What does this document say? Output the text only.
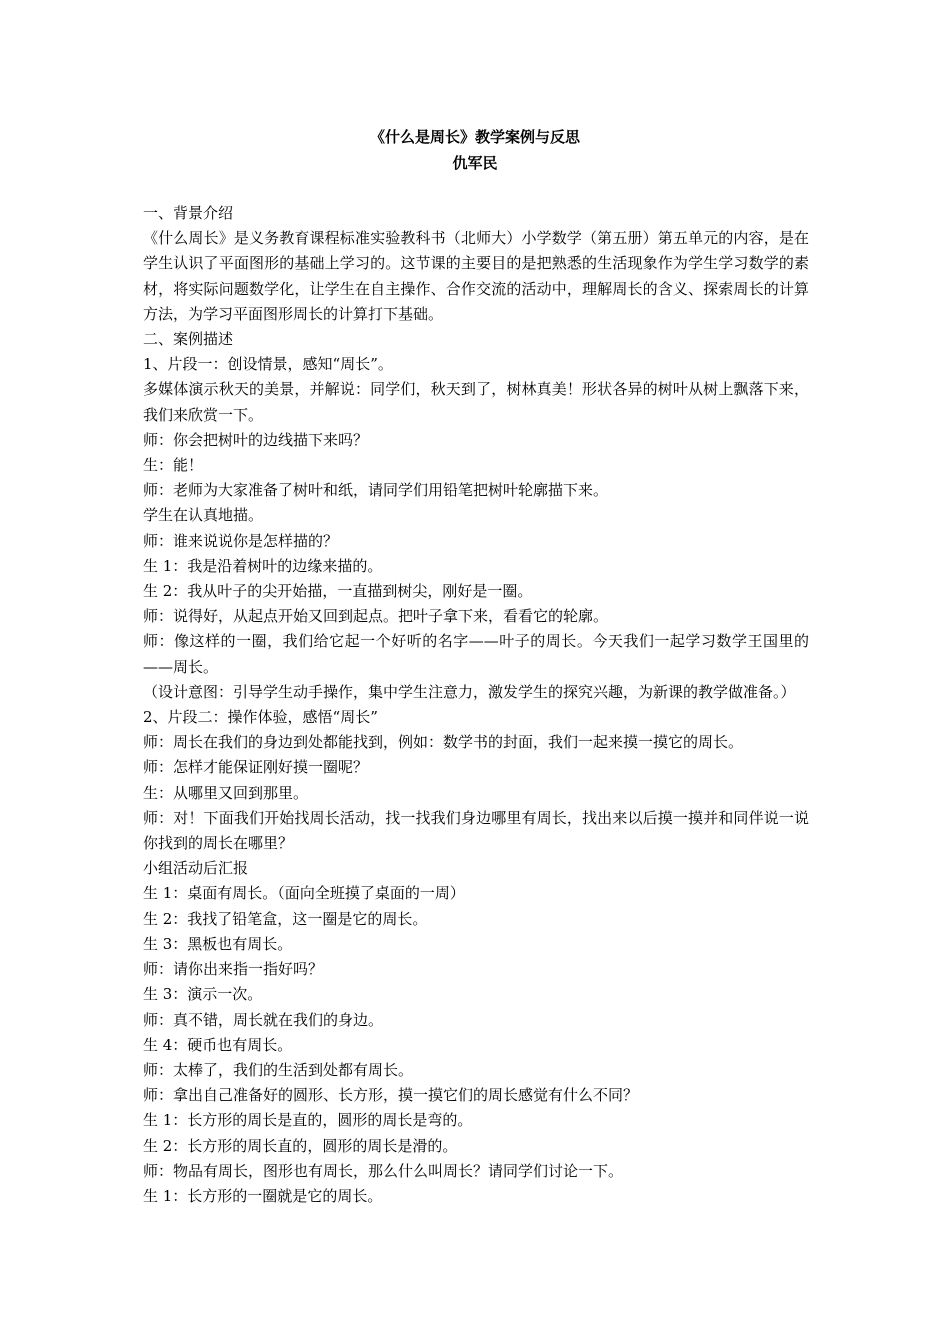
《什么是周长》教学案例与反思
仇军民

一、背景介绍

《什么周长》是义务教育课程标准实验教科书（北师大）小学数学（第五册）第五单元的内容，是在学生认识了平面图形的基础上学习的。这节课的主要目的是把熟悉的生活现象作为学生学习数学的素材，将实际问题数学化，让学生在自主操作、合作交流的活动中，理解周长的含义、探索周长的计算方法，为学习平面图形周长的计算打下基础。

二、案例描述

1、片段一：创设情景，感知“周长”。

多媒体演示秋天的美景，并解说：同学们，秋天到了，树林真美！形状各异的树叶从树上飘落下来，我们来欣赏一下。

师：你会把树叶的边线描下来吗？

生：能！

师：老师为大家准备了树叶和纸，请同学们用铅笔把树叶轮廓描下来。

学生在认真地描。

师：谁来说说你是怎样描的？

生 1：我是沿着树叶的边缘来描的。

生 2：我从叶子的尖开始描，一直描到树尖，刚好是一圈。

师：说得好，从起点开始又回到起点。把叶子拿下来，看看它的轮廓。

师：像这样的一圈，我们给它起一个好听的名字——叶子的周长。今天我们一起学习数学王国里的——周长。

（设计意图：引导学生动手操作，集中学生注意力，激发学生的探究兴趣，为新课的教学做准备。）

2、片段二：操作体验，感悟“周长”

师：周长在我们的身边到处都能找到，例如：数学书的封面，我们一起来摸一摸它的周长。

师：怎样才能保证刚好摸一圈呢？

生：从哪里又回到那里。

师：对！下面我们开始找周长活动，找一找我们身边哪里有周长，找出来以后摸一摸并和同伴说一说你找到的周长在哪里？

小组活动后汇报

生 1：桌面有周长。（面向全班摸了桌面的一周）

生 2：我找了铅笔盒，这一圈是它的周长。

生 3：黑板也有周长。

师：请你出来指一指好吗？

生 3：演示一次。

师：真不错，周长就在我们的身边。

生 4：硬币也有周长。

师：太棒了，我们的生活到处都有周长。

师：拿出自己准备好的圆形、长方形，摸一摸它们的周长感觉有什么不同？

生 1：长方形的周长是直的，圆形的周长是弯的。

生 2：长方形的周长直的，圆形的周长是滑的。

师：物品有周长，图形也有周长，那么什么叫周长？请同学们讨论一下。

生 1：长方形的一圈就是它的周长。
